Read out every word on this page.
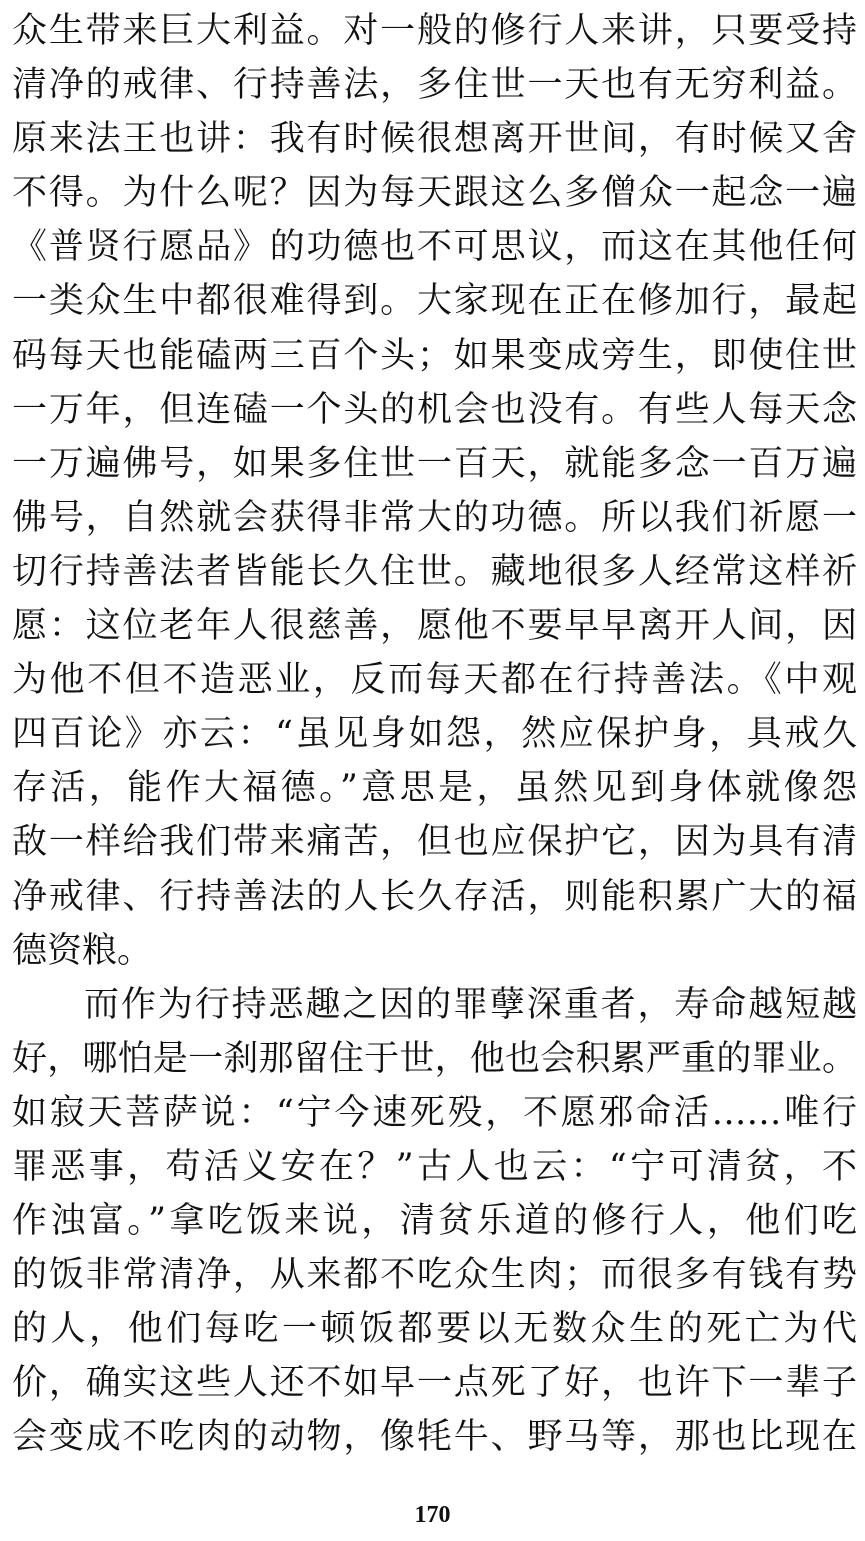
众生带来巨大利益。对一般的修行人来讲，只要受持
清净的戒律、行持善法，多住世一天也有无穷利益。
原来法王也讲：我有时候很想离开世间，有时候又舍
不得。为什么呢？因为每天跟这么多僧众一起念一遍
《普贤行愿品》的功德也不可思议，而这在其他任何
一类众生中都很难得到。大家现在正在修加行，最起
码每天也能磕两三百个头；如果变成旁生，即使住世
一万年，但连磕一个头的机会也没有。有些人每天念
一万遍佛号，如果多住世一百天，就能多念一百万遍
佛号，自然就会获得非常大的功德。所以我们祈愿一
切行持善法者皆能长久住世。藏地很多人经常这样祈
愿：这位老年人很慈善，愿他不要早早离开人间，因
为他不但不造恶业，反而每天都在行持善法。《中观
四百论》亦云：“虽见身如怨，然应保护身，具戒久
存活，能作大福德。”意思是，虽然见到身体就像怨
敌一样给我们带来痛苦，但也应保护它，因为具有清
净戒律、行持善法的人长久存活，则能积累广大的福
德资粮。
而作为行持恶趣之因的罪孽深重者，寿命越短越
好，哪怕是一刹那留住于世，他也会积累严重的罪业。
如寂天菩萨说：“宁今速死殁，不愿邪命活……唯行
罪恶事，苟活义安在？”古人也云：“宁可清贫，不
作浊富。”拿吃饭来说，清贫乐道的修行人，他们吃
的饭非常清净，从来都不吃众生肉；而很多有钱有势
的人，他们每吃一顿饭都要以无数众生的死亡为代
价，确实这些人还不如早一点死了好，也许下一辈子
会变成不吃肉的动物，像牦牛、野马等，那也比现在
170
